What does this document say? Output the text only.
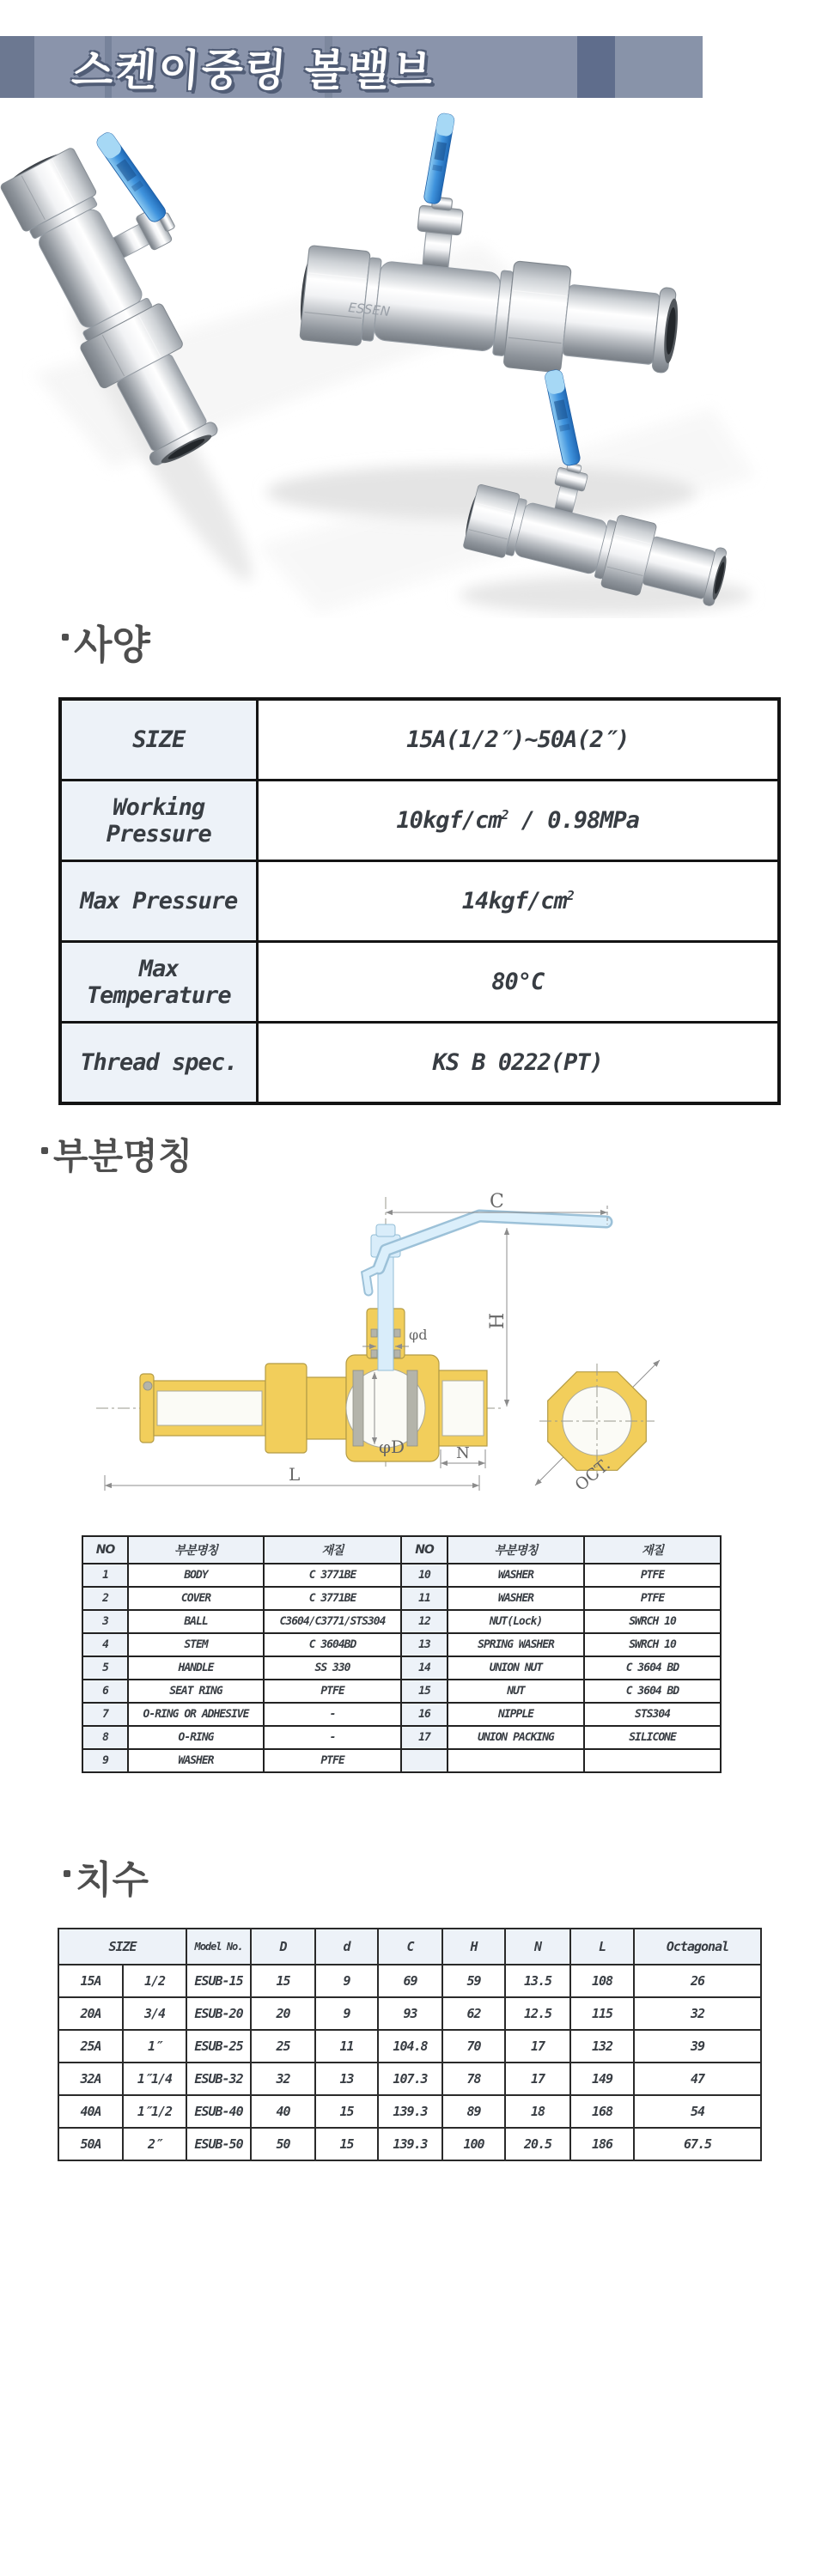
스켄이중링 볼밸브
ESSEN
사양
SIZE	15A(1/2″)~50A(2″)
Working Pressure	$10kgf/cm^2 / 0.98MPa$
Max Pressure	$14kgf/cm^2$
Max Temperature	80°C
Thread spec.	KS B 0222(PT)
부분명칭
OCT.
C
H
φd
φD	N
L
NO	부분명칭	재질	NO	부분명칭	재질
1	BODY	C 3771BE	10	WASHER	PTFE
2	COVER	C 3771BE	11	WASHER	PTFE
3	BALL	C3604/C3771/STS304	12	NUT(Lock)	SWRCH 10
4	STEM	C 3604BD	13	SPRING WASHER	SWRCH 10
5	HANDLE	SS 330	14	UNION NUT	C 3604 BD
6	SEAT RING	PTFE	15	NUT	C 3604 BD
7	O-RING OR ADHESIVE	-	16	NIPPLE	STS304
8	O-RING	-	17	UNION PACKING	SILICONE
9	WASHER	PTFE			
치수
SIZE		Model No.	D	d	C	H	N	L	Octagonal
15A	1/2	ESUB-15	15	9	69	59	13.5	108	26
20A	3/4	ESUB-20	20	9	93	62	12.5	115	32
25A	1″	ESUB-25	25	11	104.8	70	17	132	39
32A	1″1/4	ESUB-32	32	13	107.3	78	17	149	47
40A	1″1/2	ESUB-40	40	15	139.3	89	18	168	54
50A	2″	ESUB-50	50	15	139.3	100	20.5	186	67.5
